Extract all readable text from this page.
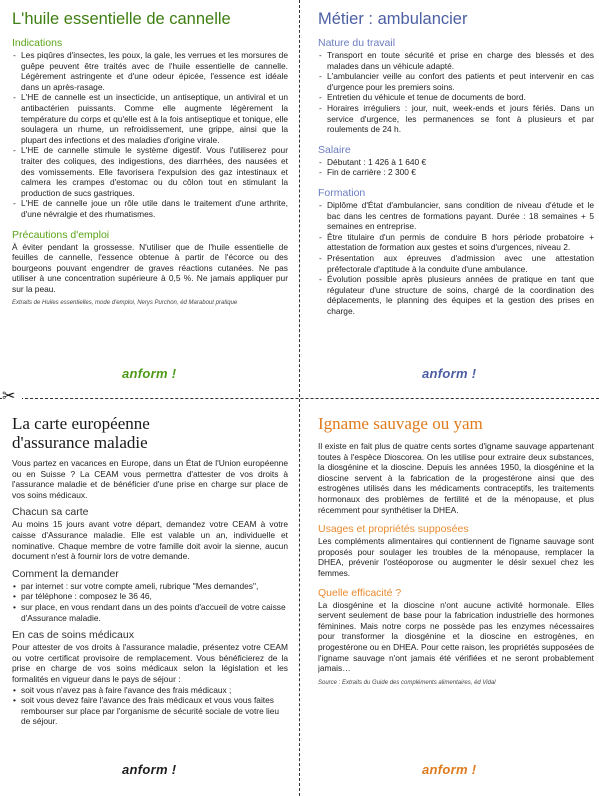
✂
L'huile essentielle de cannelle
Indications
- Les piqûres d'insectes, les poux, la gale, les verrues et les morsures de guêpe peuvent être traités avec de l'huile essentielle de cannelle. Légèrement astringente et d'une odeur épicée, l'essence est idéale dans un après-rasage.
- L'HE de cannelle est un insecticide, un antiseptique, un antiviral et un antibactérien puissants. Comme elle augmente légèrement la température du corps et qu'elle est à la fois antiseptique et tonique, elle soulagera un rhume, un refroidissement, une grippe, ainsi que la plupart des infections et des maladies d'origine virale.
- L'HE de cannelle stimule le système digestif. Vous l'utiliserez pour traiter des coliques, des indigestions, des diarrhées, des nausées et des vomissements. Elle favorisera l'expulsion des gaz intestinaux et calmera les crampes d'estomac ou du côlon tout en stimulant la production de sucs gastriques.
- L'HE de cannelle joue un rôle utile dans le traitement d'une arthrite, d'une névralgie et des rhumatismes.
Précautions d'emploi

À éviter pendant la grossesse. N'utiliser que de l'huile essentielle de feuilles de cannelle, l'essence obtenue à partir de l'écorce ou des bourgeons pouvant engendrer de graves réactions cutanées. Ne pas utiliser à une concentration supérieure à 0,5 %. Ne jamais appliquer pur sur la peau.

Extraits de Huiles essentielles, mode d'emploi, Nerys Purchon, éd Marabout pratique
anform !
Métier : ambulancier
Nature du travail
- Transport en toute sécurité et prise en charge des blessés et des malades dans un véhicule adapté.
- L'ambulancier veille au confort des patients et peut intervenir en cas d'urgence pour les premiers soins.
- Entretien du véhicule et tenue de documents de bord.
- Horaires irréguliers : jour, nuit, week-ends et jours fériés. Dans un service d'urgence, les permanences se font à plusieurs et par roulements de 24 h.
Salaire
- Débutant : 1 426 à 1 640 €
- Fin de carrière : 2 300 €
Formation
- Diplôme d'État d'ambulancier, sans condition de niveau d'étude et le bac dans les centres de formations payant. Durée : 18 semaines + 5 semaines en entreprise.
- Être titulaire d'un permis de conduire B hors période probatoire + attestation de formation aux gestes et soins d'urgences, niveau 2.
- Présentation aux épreuves d'admission avec une attestation préfectorale d'aptitude à la conduite d'une ambulance.
- Évolution possible après plusieurs années de pratique en tant que régulateur d'une structure de soins, chargé de la coordination des déplacements, le planning des équipes et la gestion des prises en charge.
anform !
La carte européenne
d'assurance maladie

Vous partez en vacances en Europe, dans un État de l'Union européenne ou en Suisse ? La CEAM vous permettra d'attester de vos droits à l'assurance maladie et de bénéficier d'une prise en charge sur place de vos soins médicaux.

Chacun sa carte

Au moins 15 jours avant votre départ, demandez votre CEAM à votre caisse d'Assurance maladie. Elle est valable un an, individuelle et nominative. Chaque membre de votre famille doit avoir la sienne, aucun document n'est à fournir lors de votre demande.

Comment la demander
• par internet : sur votre compte ameli, rubrique "Mes demandes",
• par téléphone : composez le 36 46,
• sur place, en vous rendant dans un des points d'accueil de votre caisse d'Assurance maladie.
En cas de soins médicaux

Pour attester de vos droits à l'assurance maladie, présentez votre CEAM ou votre certificat provisoire de remplacement. Vous bénéficierez de la prise en charge de vos soins médicaux selon la législation et les formalités en vigueur dans le pays de séjour :

• soit vous n'avez pas à faire l'avance des frais médicaux ;
• soit vous devez faire l'avance des frais médicaux et vous vous faites rembourser sur place par l'organisme de sécurité sociale de votre lieu de séjour.
anform !
Igname sauvage ou yam

Il existe en fait plus de quatre cents sortes d'igname sauvage appartenant toutes à l'espèce Dioscorea. On les utilise pour extraire deux substances, la diosgénine et la dioscine. Depuis les années 1950, la diosgénine et la dioscine servent à la fabrication de la progestérone ainsi que des estrogènes utilisés dans les médicaments contraceptifs, les traitements hormonaux des problèmes de fertilité et de la ménopause, et plus récemment pour synthétiser la DHEA.

Usages et propriétés supposées

Les compléments alimentaires qui contiennent de l'igname sauvage sont proposés pour soulager les troubles de la ménopause, remplacer la DHEA, prévenir l'ostéoporose ou augmenter le désir sexuel chez les femmes.

Quelle efficacité ?

La diosgénine et la dioscine n'ont aucune activité hormonale. Elles servent seulement de base pour la fabrication industrielle des hormones féminines. Mais notre corps ne possède pas les enzymes nécessaires pour transformer la diosgénine et la dioscine en estrogènes, en progestérone ou en DHEA. Pour cette raison, les propriétés supposées de l'igname sauvage n'ont jamais été vérifiées et ne seront probablement jamais…

Source : Extraits du Guide des compléments alimentaires, éd Vidal
anform !
